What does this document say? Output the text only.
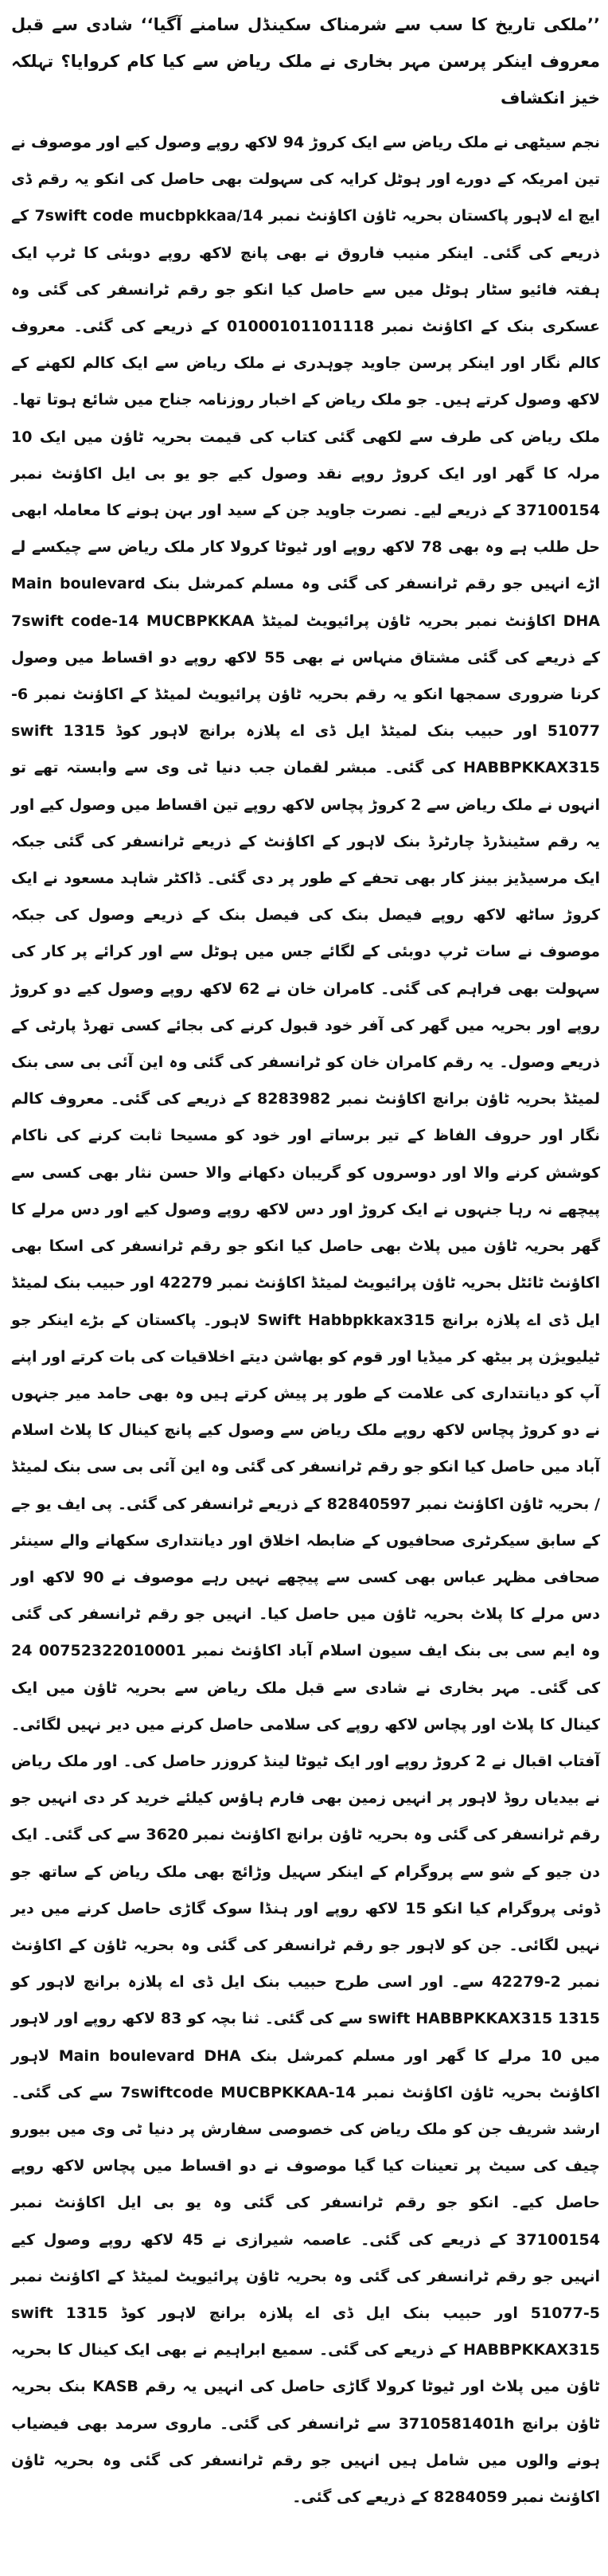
’’ملکی تاریخ کا سب سے شرمناک سکینڈل سامنے آگیا‘‘ شادی سے قبل معروف اینکر پرسن مہر بخاری نے ملک ریاض سے کیا کام کروایا؟ تہلکہ خیز انکشاف

نجم سیٹھی نے ملک ریاض سے ایک کروڑ 94 لاکھ روپے وصول کیے اور موصوف نے تین امریکہ کے دورے اور ہوٹل کرایہ کی سہولت بھی حاصل کی انکو یہ رقم ڈی ایچ اے لاہور پاکستان بحریہ ٹاؤن اکاؤنٹ نمبر 7swift code mucbpkkaa/14 کے ذریعے کی گئی۔ اینکر منیب فاروق نے بھی پانچ لاکھ روپے دوبئی کا ٹرپ ایک ہفتہ فائیو سٹار ہوٹل میں سے حاصل کیا انکو جو رقم ٹرانسفر کی گئی وہ عسکری بنک کے اکاؤنٹ نمبر 01000101101118 کے ذریعے کی گئی۔ معروف کالم نگار اور اینکر پرسن جاوید چوہدری نے ملک ریاض سے ایک کالم لکھنے کے لاکھ وصول کرتے ہیں۔ جو ملک ریاض کے اخبار روزنامہ جناح میں شائع ہوتا تھا۔ ملک ریاض کی طرف سے لکھی گئی کتاب کی قیمت بحریہ ٹاؤن میں ایک 10 مرلہ کا گھر اور ایک کروڑ روپے نقد وصول کیے جو یو بی ایل اکاؤنٹ نمبر 37100154 کے ذریعے لیے۔ نصرت جاوید جن کے سید اور بہن ہونے کا معاملہ ابھی حل طلب ہے وہ بھی 78 لاکھ روپے اور ٹیوٹا کرولا کار ملک ریاض سے چیکسے لے اڑے انہیں جو رقم ٹرانسفر کی گئی وہ مسلم کمرشل بنک Main boulevard DHA اکاؤنٹ نمبر بحریہ ٹاؤن پرائیویٹ لمیٹڈ 7swift code-14 MUCBPKKAA کے ذریعے کی گئی مشتاق منہاس نے بھی 55 لاکھ روپے دو اقساط میں وصول کرنا ضروری سمجھا انکو یہ رقم بحریہ ٹاؤن پرائیویٹ لمیٹڈ کے اکاؤنٹ نمبر 6-51077 اور حبیب بنک لمیٹڈ ایل ڈی اے پلازہ برانچ لاہور کوڈ 1315 swift HABBPKKAX315 کی گئی۔ مبشر لقمان جب دنیا ٹی وی سے وابستہ تھے تو انہوں نے ملک ریاض سے 2 کروڑ پچاس لاکھ روپے تین اقساط میں وصول کیے اور یہ رقم سٹینڈرڈ چارٹرڈ بنک لاہور کے اکاؤنٹ کے ذریعے ٹرانسفر کی گئی جبکہ ایک مرسیڈیز بینز کار بھی تحفے کے طور پر دی گئی۔ ڈاکٹر شاہد مسعود نے ایک کروڑ ساٹھ لاکھ روپے فیصل بنک کی فیصل بنک کے ذریعے وصول کی جبکہ موصوف نے سات ٹرپ دوبئی کے لگائے جس میں ہوٹل سے اور کرائے پر کار کی سہولت بھی فراہم کی گئی۔ کامران خان نے 62 لاکھ روپے وصول کیے دو کروڑ روپے اور بحریہ میں گھر کی آفر خود قبول کرنے کی بجائے کسی تھرڈ پارٹی کے ذریعے وصول۔ یہ رقم کامران خان کو ٹرانسفر کی گئی وہ این آئی بی سی بنک لمیٹڈ بحریہ ٹاؤن برانچ اکاؤنٹ نمبر 8283982 کے ذریعے کی گئی۔ معروف کالم نگار اور حروف الفاظ کے تیر برساتے اور خود کو مسیحا ثابت کرنے کی ناکام کوشش کرنے والا اور دوسروں کو گریبان دکھانے والا حسن نثار بھی کسی سے پیچھے نہ رہا جنہوں نے ایک کروڑ اور دس لاکھ روپے وصول کیے اور دس مرلے کا گھر بحریہ ٹاؤن میں پلاٹ بھی حاصل کیا انکو جو رقم ٹرانسفر کی اسکا بھی اکاؤنٹ ٹائٹل بحریہ ٹاؤن پرائیویٹ لمیٹڈ اکاؤنٹ نمبر 42279 اور حبیب بنک لمیٹڈ ایل ڈی اے پلازہ برانچ Swift Habbpkkax315 لاہور۔ پاکستان کے بڑے اینکر جو ٹیلیویژن پر بیٹھ کر میڈیا اور قوم کو بھاشن دیتے اخلاقیات کی بات کرتے اور اپنے آپ کو دیانتداری کی علامت کے طور پر پیش کرتے ہیں وہ بھی حامد میر جنہوں نے دو کروڑ پچاس لاکھ روپے ملک ریاض سے وصول کیے پانچ کینال کا پلاٹ اسلام آباد میں حاصل کیا انکو جو رقم ٹرانسفر کی گئی وہ این آئی بی سی بنک لمیٹڈ / بحریہ ٹاؤن اکاؤنٹ نمبر 82840597 کے ذریعے ٹرانسفر کی گئی۔ پی ایف یو جے کے سابق سیکرٹری صحافیوں کے ضابطہ اخلاق اور دیانتداری سکھانے والے سینئر صحافی مظہر عباس بھی کسی سے پیچھے نہیں رہے موصوف نے 90 لاکھ اور دس مرلے کا پلاٹ بحریہ ٹاؤن میں حاصل کیا۔ انہیں جو رقم ٹرانسفر کی گئی وہ ایم سی بی بنک ایف سیون اسلام آباد اکاؤنٹ نمبر 00752322010001 24 کی گئی۔ مہر بخاری نے شادی سے قبل ملک ریاض سے بحریہ ٹاؤن میں ایک کینال کا پلاٹ اور پچاس لاکھ روپے کی سلامی حاصل کرنے میں دیر نہیں لگائی۔ آفتاب اقبال نے 2 کروڑ روپے اور ایک ٹیوٹا لینڈ کروزر حاصل کی۔ اور ملک ریاض نے بیدیاں روڈ لاہور پر انہیں زمین بھی فارم ہاؤس کیلئے خرید کر دی انہیں جو رقم ٹرانسفر کی گئی وہ بحریہ ٹاؤن برانچ اکاؤنٹ نمبر 3620 سے کی گئی۔ ایک دن جیو کے شو سے پروگرام کے اینکر سہیل وڑائچ بھی ملک ریاض کے ساتھ جو ڈوئی پروگرام کیا انکو 15 لاکھ روپے اور ہنڈا سوک گاڑی حاصل کرنے میں دیر نہیں لگائی۔ جن کو لاہور جو رقم ٹرانسفر کی گئی وہ بحریہ ٹاؤن کے اکاؤنٹ نمبر 2-42279 سے۔ اور اسی طرح حبیب بنک ایل ڈی اے پلازہ برانچ لاہور کو 1315 swift HABBPKKAX315 سے کی گئی۔ ثنا بچہ کو 83 لاکھ روپے اور لاہور میں 10 مرلے کا گھر اور مسلم کمرشل بنک Main boulevard DHA لاہور اکاؤنٹ بحریہ ٹاؤن اکاؤنٹ نمبر 7swiftcode MUCBPKKAA-14 سے کی گئی۔ ارشد شریف جن کو ملک ریاض کی خصوصی سفارش پر دنیا ٹی وی میں بیورو چیف کی سیٹ پر تعینات کیا گیا موصوف نے دو اقساط میں پچاس لاکھ روپے حاصل کیے۔ انکو جو رقم ٹرانسفر کی گئی وہ یو بی ایل اکاؤنٹ نمبر 37100154 کے ذریعے کی گئی۔ عاصمہ شیرازی نے 45 لاکھ روپے وصول کیے انہیں جو رقم ٹرانسفر کی گئی وہ بحریہ ٹاؤن پرائیویٹ لمیٹڈ کے اکاؤنٹ نمبر 5-51077 اور حبیب بنک ایل ڈی اے پلازہ برانچ لاہور کوڈ 1315 swift HABBPKKAX315 کے ذریعے کی گئی۔ سمیع ابراہیم نے بھی ایک کینال کا بحریہ ٹاؤن میں پلاٹ اور ٹیوٹا کرولا گاڑی حاصل کی انہیں یہ رقم KASB بنک بحریہ ٹاؤن برانچ 3710581401h سے ٹرانسفر کی گئی۔ ماروی سرمد بھی فیضیاب ہونے والوں میں شامل ہیں انہیں جو رقم ٹرانسفر کی گئی وہ بحریہ ٹاؤن اکاؤنٹ نمبر 8284059 کے ذریعے کی گئی۔
